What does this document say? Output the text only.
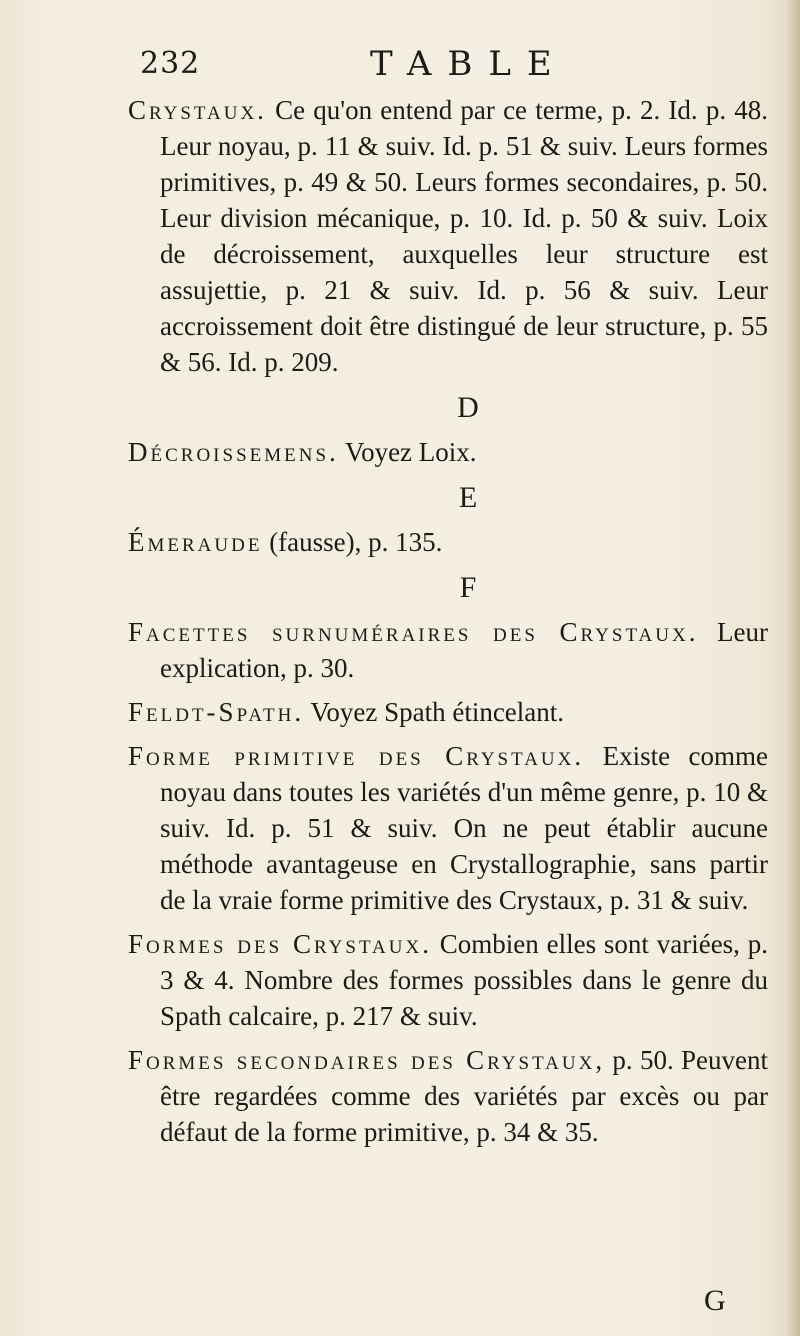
232	TABLE
Crystaux. Ce qu'on entend par ce terme, p. 2. Id. p. 48. Leur noyau, p. 11 & suiv. Id. p. 51 & suiv. Leurs formes primitives, p. 49 & 50. Leurs formes secondaires, p. 50. Leur division mécanique, p. 10. Id. p. 50 & suiv. Loix de décroissement, auxquelles leur structure est assujettie, p. 21 & suiv. Id. p. 56 & suiv. Leur accroissement doit être distingué de leur structure, p. 55 & 56. Id. p. 209.
D
Décroissemens. Voyez Loix.
E
Émeraude (fausse), p. 135.
F
Facettes surnuméraires des Crystaux. Leur explication, p. 30.
Feldt-Spath. Voyez Spath étincelant.
Forme primitive des Crystaux. Existe comme noyau dans toutes les variétés d'un même genre, p. 10 & suiv. Id. p. 51 & suiv. On ne peut établir aucune méthode avantageuse en Crystallographie, sans partir de la vraie forme primitive des Crystaux, p. 31 & suiv.
Formes des Crystaux. Combien elles sont variées, p. 3 & 4. Nombre des formes possibles dans le genre du Spath calcaire, p. 217 & suiv.
Formes secondaires des Crystaux, p. 50. Peuvent être regardées comme des variétés par excès ou par défaut de la forme primitive, p. 34 & 35.
G
